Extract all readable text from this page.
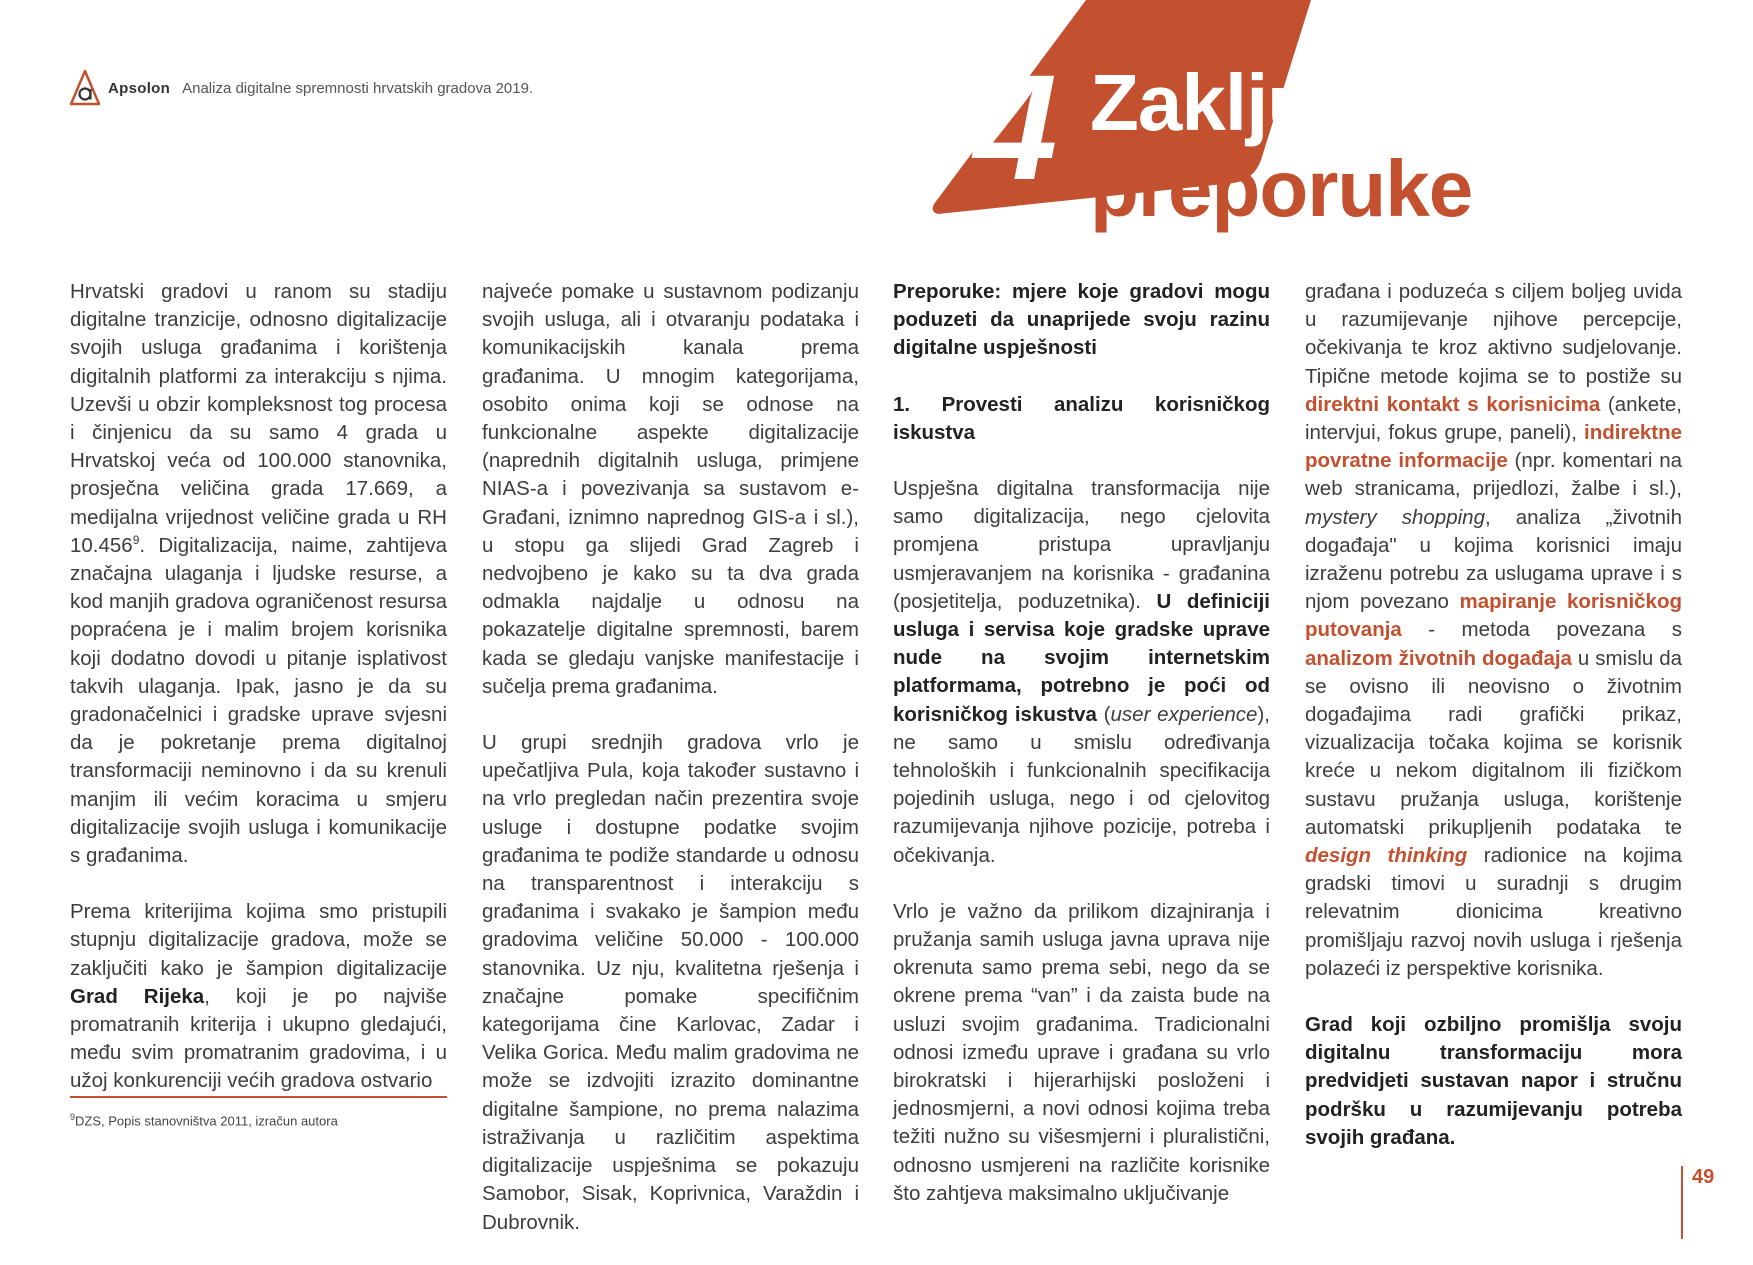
Apsolon Analiza digitalne spremnosti hrvatskih gradova 2019.	4 Zaključci i
preporuke

Hrvatski gradovi u ranom su stadiju digitalne tranzicije, odnosno digitalizacije svojih usluga građanima i korištenja digitalnih platformi za interakciju s njima. Uzevši u obzir kompleksnost tog procesa i činjenicu da su samo 4 grada u Hrvatskoj veća od 100.000 stanovnika, prosječna veličina grada 17.669, a medijalna vrijednost veličine grada u RH 10.456$^9$. Digitalizacija, naime, zahtijeva značajna ulaganja i ljudske resurse, a kod manjih gradova ograničenost resursa popraćena je i malim brojem korisnika koji dodatno dovodi u pitanje isplativost takvih ulaganja. Ipak, jasno je da su gradonačelnici i gradske uprave svjesni da je pokretanje prema digitalnoj transformaciji neminovno i da su krenuli manjim ili većim koracima u smjeru digitalizacije svojih usluga i komunikacije s građanima.

Prema kriterijima kojima smo pristupili stupnju digitalizacije gradova, može se zaključiti kako je šampion digitalizacije Grad Rijeka, koji je po najviše promatranih kriterija i ukupno gledajući, među svim promatranim gradovima, i u užoj konkurenciji većih gradova ostvario

najveće pomake u sustavnom podizanju svojih usluga, ali i otvaranju podataka i komunikacijskih kanala prema građanima. U mnogim kategorijama, osobito onima koji se odnose na funkcionalne aspekte digitalizacije (naprednih digitalnih usluga, primjene NIAS-a i povezivanja sa sustavom e-Građani, iznimno naprednog GIS-a i sl.), u stopu ga slijedi Grad Zagreb i nedvojbeno je kako su ta dva grada odmakla najdalje u odnosu na pokazatelje digitalne spremnosti, barem kada se gledaju vanjske manifestacije i sučelja prema građanima.

U grupi srednjih gradova vrlo je upečatljiva Pula, koja također sustavno i na vrlo pregledan način prezentira svoje usluge i dostupne podatke svojim građanima te podiže standarde u odnosu na transparentnost i interakciju s građanima i svakako je šampion među gradovima veličine 50.000 - 100.000 stanovnika. Uz nju, kvalitetna rješenja i značajne pomake specifičnim kategorijama čine Karlovac, Zadar i Velika Gorica. Među malim gradovima ne može se izdvojiti izrazito dominantne digitalne šampione, no prema nalazima istraživanja u različitim aspektima digitalizacije uspješnima se pokazuju Samobor, Sisak, Koprivnica, Varaždin i Dubrovnik.

Preporuke: mjere koje gradovi mogu poduzeti da unaprijede svoju razinu digitalne uspješnosti

1. Provesti analizu korisničkog iskustva

Uspješna digitalna transformacija nije samo digitalizacija, nego cjelovita promjena pristupa upravljanju usmjeravanjem na korisnika - građanina (posjetitelja, poduzetnika). U definiciji usluga i servisa koje gradske uprave nude na svojim internetskim platformama, potrebno je poći od korisničkog iskustva (user experience), ne samo u smislu određivanja tehnoloških i funkcionalnih specifikacija pojedinih usluga, nego i od cjelovitog razumijevanja njihove pozicije, potreba i očekivanja.

Vrlo je važno da prilikom dizajniranja i pružanja samih usluga javna uprava nije okrenuta samo prema sebi, nego da se okrene prema “van” i da zaista bude na usluzi svojim građanima. Tradicionalni odnosi između uprave i građana su vrlo birokratski i hijerarhijski posloženi i jednosmjerni, a novi odnosi kojima treba težiti nužno su višesmjerni i pluralistični, odnosno usmjereni na različite korisnike što zahtjeva maksimalno uključivanje

građana i poduzeća s ciljem boljeg uvida u razumijevanje njihove percepcije, očekivanja te kroz aktivno sudjelovanje. Tipične metode kojima se to postiže su direktni kontakt s korisnicima (ankete, intervjui, fokus grupe, paneli), indirektne povratne informacije (npr. komentari na web stranicama, prijedlozi, žalbe i sl.), mystery shopping, analiza „životnih događaja" u kojima korisnici imaju izraženu potrebu za uslugama uprave i s njom povezano mapiranje korisničkog putovanja - metoda povezana s analizom životnih događaja u smislu da se ovisno ili neovisno o životnim događajima radi grafički prikaz, vizualizacija točaka kojima se korisnik kreće u nekom digitalnom ili fizičkom sustavu pružanja usluga, korištenje automatski prikupljenih podataka te design thinking radionice na kojima gradski timovi u suradnji s drugim relevatnim dionicima kreativno promišljaju razvoj novih usluga i rješenja polazeći iz perspektive korisnika.

Grad koji ozbiljno promišlja svoju digitalnu transformaciju mora predvidjeti sustavan napor i stručnu podršku u razumijevanju potreba svojih građana.

$^9$DZS, Popis stanovništva 2011, izračun autora
49
